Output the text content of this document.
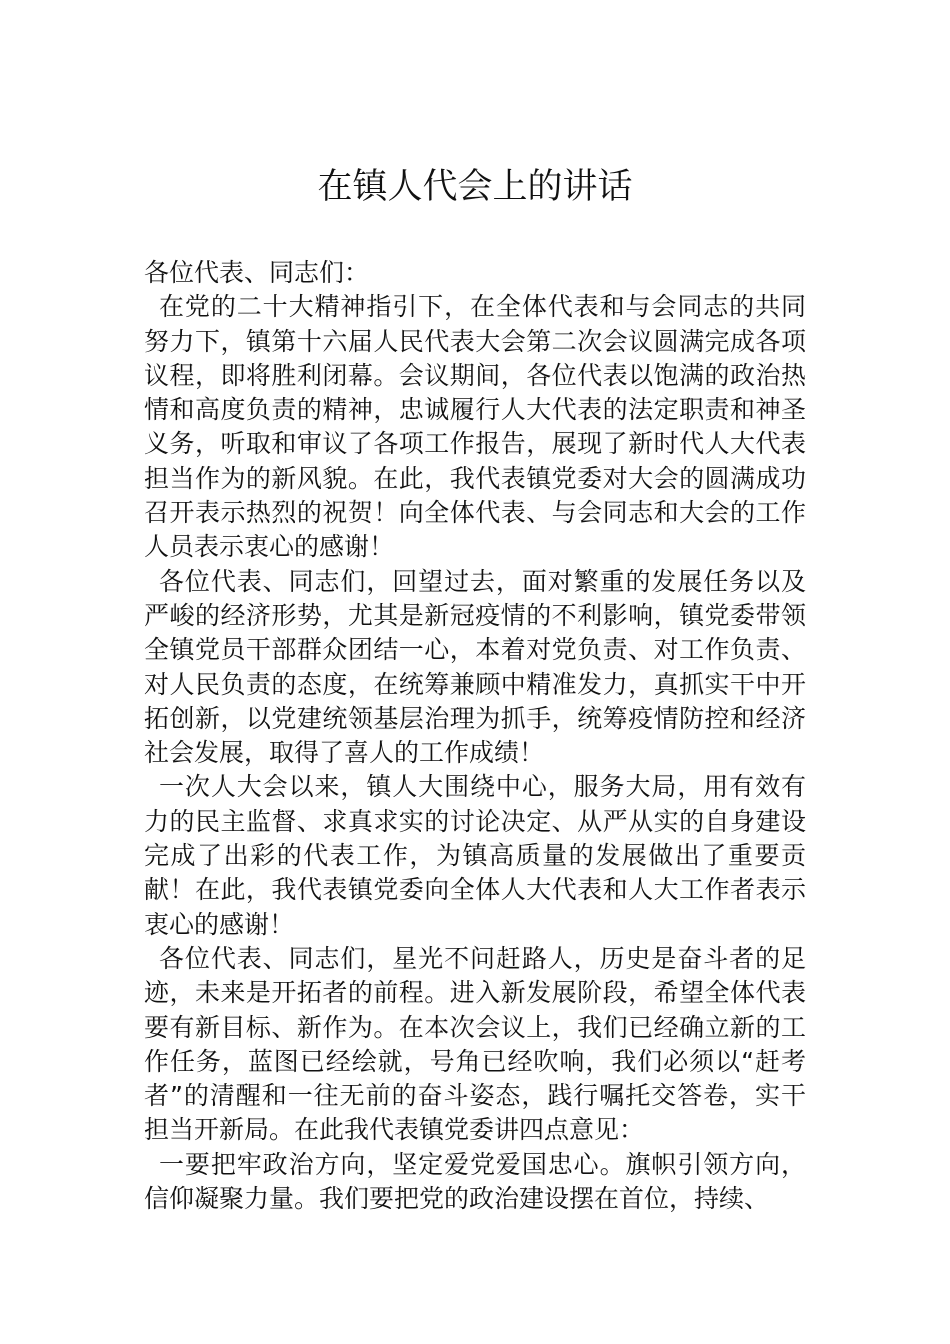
在镇人代会上的讲话

各位代表、同志们：

在党的二十大精神指引下，在全体代表和与会同志的共同努力下，镇第十六届人民代表大会第二次会议圆满完成各项议程，即将胜利闭幕。会议期间，各位代表以饱满的政治热情和高度负责的精神，忠诚履行人大代表的法定职责和神圣义务，听取和审议了各项工作报告，展现了新时代人大代表担当作为的新风貌。在此，我代表镇党委对大会的圆满成功召开表示热烈的祝贺！向全体代表、与会同志和大会的工作人员表示衷心的感谢！

各位代表、同志们，回望过去，面对繁重的发展任务以及严峻的经济形势，尤其是新冠疫情的不利影响，镇党委带领全镇党员干部群众团结一心，本着对党负责、对工作负责、对人民负责的态度，在统筹兼顾中精准发力，真抓实干中开拓创新，以党建统领基层治理为抓手，统筹疫情防控和经济社会发展，取得了喜人的工作成绩！

一次人大会以来，镇人大围绕中心，服务大局，用有效有力的民主监督、求真求实的讨论决定、从严从实的自身建设完成了出彩的代表工作，为镇高质量的发展做出了重要贡献！在此，我代表镇党委向全体人大代表和人大工作者表示衷心的感谢！

各位代表、同志们，星光不问赶路人，历史是奋斗者的足迹，未来是开拓者的前程。进入新发展阶段，希望全体代表要有新目标、新作为。在本次会议上，我们已经确立新的工作任务，蓝图已经绘就，号角已经吹响，我们必须以“赶考者”的清醒和一往无前的奋斗姿态，践行嘱托交答卷，实干担当开新局。在此我代表镇党委讲四点意见：

一要把牢政治方向，坚定爱党爱国忠心。旗帜引领方向，信仰凝聚力量。我们要把党的政治建设摆在首位，持续、
